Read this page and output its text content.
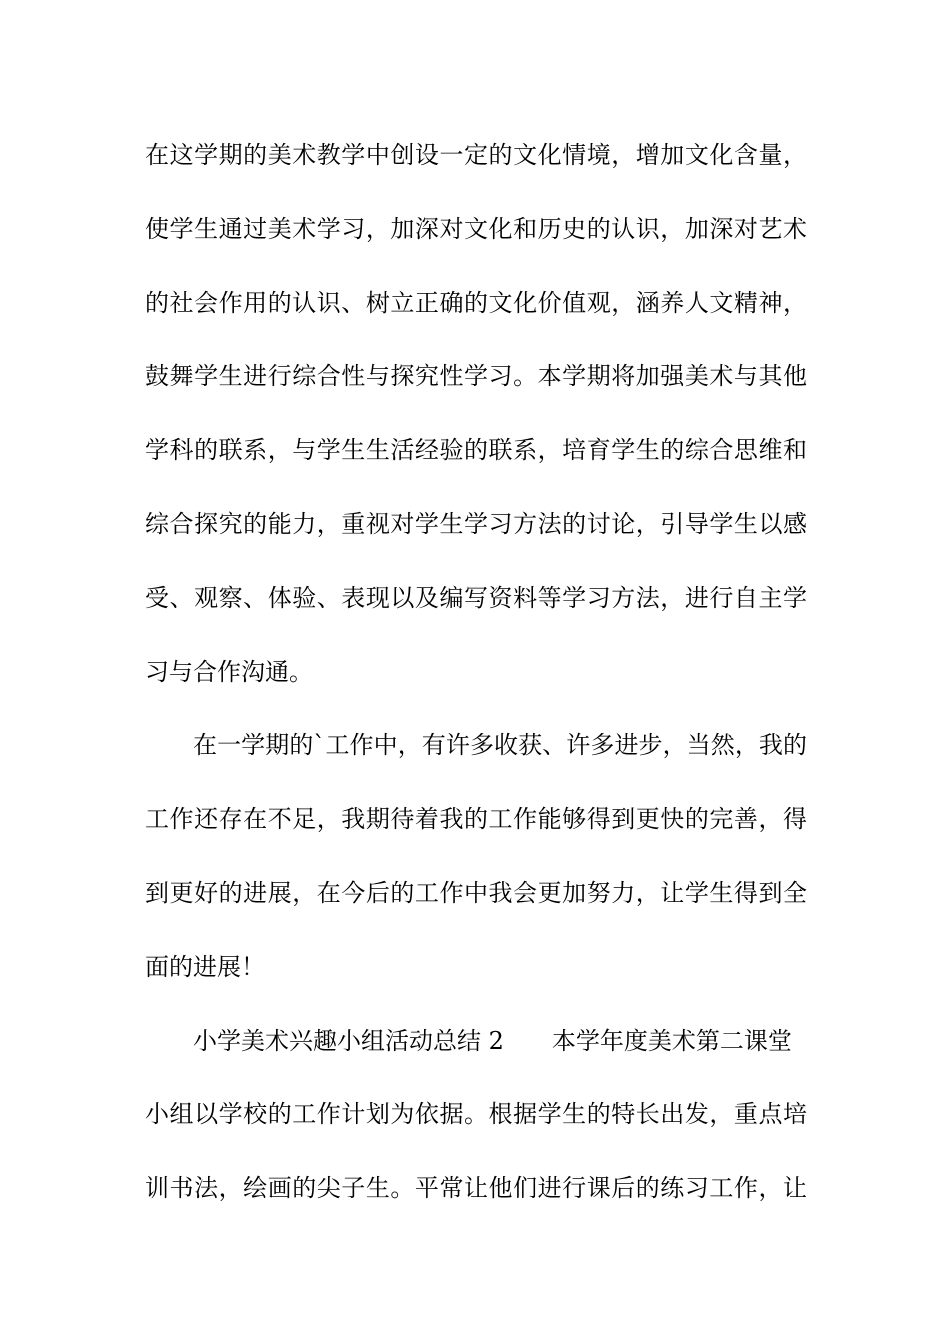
在这学期的美术教学中创设一定的文化情境，增加文化含量，
使学生通过美术学习，加深对文化和历史的认识，加深对艺术
的社会作用的认识、树立正确的文化价值观，涵养人文精神，
鼓舞学生进行综合性与探究性学习。本学期将加强美术与其他
学科的联系，与学生生活经验的联系，培育学生的综合思维和
综合探究的能力，重视对学生学习方法的讨论，引导学生以感
受、观察、体验、表现以及编写资料等学习方法，进行自主学
习与合作沟通。
在一学期的`工作中，有许多收获、许多进步，当然，我的
工作还存在不足，我期待着我的工作能够得到更快的完善，得
到更好的进展，在今后的工作中我会更加努力，让学生得到全
面的进展！
小学美术兴趣小组活动总结 2 本学年度美术第二课堂
小组以学校的工作计划为依据。根据学生的特长出发，重点培
训书法，绘画的尖子生。平常让他们进行课后的练习工作，让
